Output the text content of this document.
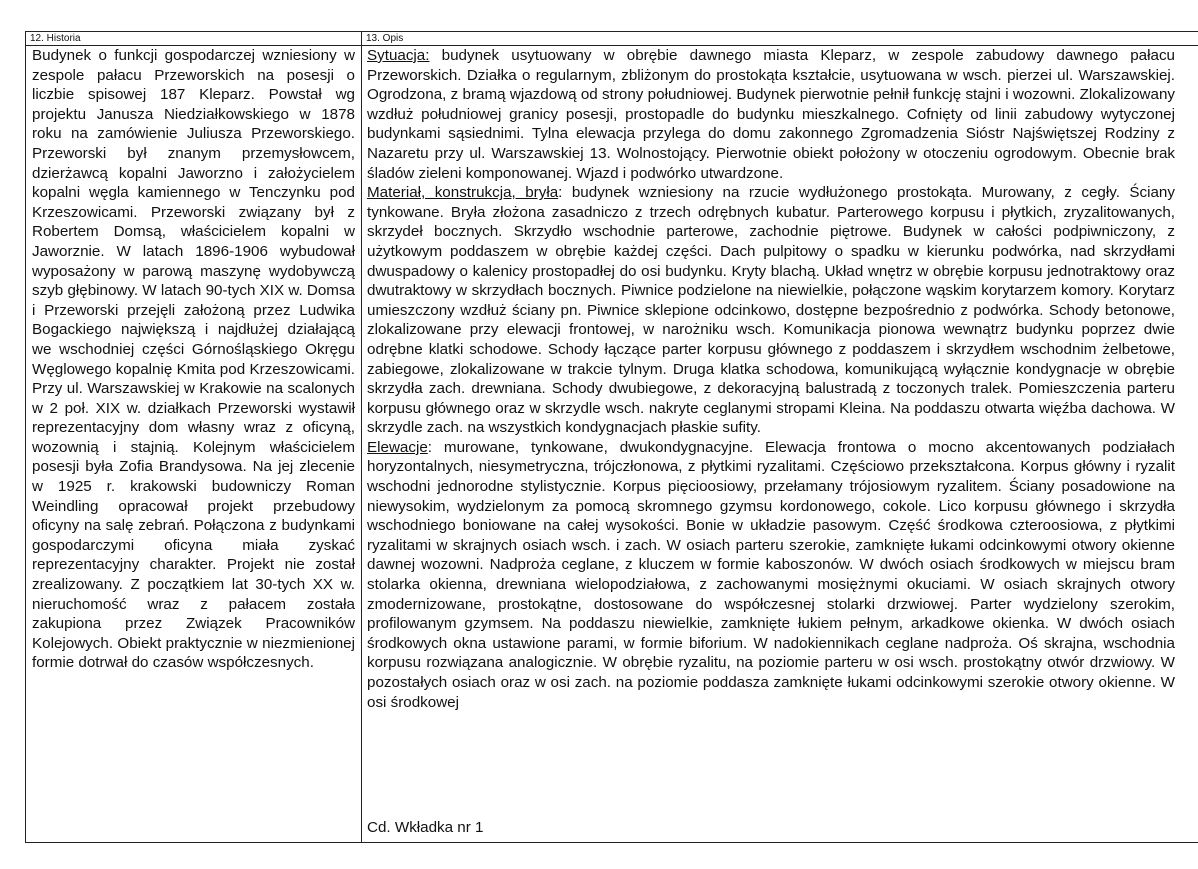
12. Historia	13. Opis

Budynek o funkcji gospodarczej wzniesiony w zespole pałacu Przeworskich na posesji o liczbie spisowej 187 Kleparz. Powstał wg projektu Janusza Niedziałkowskiego w 1878 roku na zamówienie Juliusza Przeworskiego. Przeworski był znanym przemysłowcem, dzierżawcą kopalni Jaworzno i założycielem kopalni węgla kamiennego w Tenczynku pod Krzeszowicami. Przeworski związany był z Robertem Domsą, właścicielem kopalni w Jaworznie. W latach 1896-1906 wybudował wyposażony w parową maszynę wydobywczą szyb głębinowy. W latach 90-tych XIX w. Domsa i Przeworski przejęli założoną przez Ludwika Bogackiego największą i najdłużej działającą we wschodniej części Górnośląskiego Okręgu Węglowego kopalnię Kmita pod Krzeszowicami. Przy ul. Warszawskiej w Krakowie na scalonych w 2 poł. XIX w. działkach Przeworski wystawił reprezentacyjny dom własny wraz z oficyną, wozownią i stajnią. Kolejnym właścicielem posesji była Zofia Brandysowa. Na jej zlecenie w 1925 r. krakowski budowniczy Roman Weindling opracował projekt przebudowy oficyny na salę zebrań. Połączona z budynkami gospodarczymi oficyna miała zyskać reprezentacyjny charakter. Projekt nie został zrealizowany. Z początkiem lat 30-tych XX w. nieruchomość wraz z pałacem została zakupiona przez Związek Pracowników Kolejowych. Obiekt praktycznie w niezmienionej formie dotrwał do czasów współczesnych.

Sytuacja: budynek usytuowany w obrębie dawnego miasta Kleparz, w zespole zabudowy dawnego pałacu Przeworskich. Działka o regularnym, zbliżonym do prostokąta kształcie, usytuowana w wsch. pierzei ul. Warszawskiej. Ogrodzona, z bramą wjazdową od strony południowej. Budynek pierwotnie pełnił funkcję stajni i wozowni. Zlokalizowany wzdłuż południowej granicy posesji, prostopadle do budynku mieszkalnego. Cofnięty od linii zabudowy wytyczonej budynkami sąsiednimi. Tylna elewacja przylega do domu zakonnego Zgromadzenia Sióstr Najświętszej Rodziny z Nazaretu przy ul. Warszawskiej 13. Wolnostojący. Pierwotnie obiekt położony w otoczeniu ogrodowym. Obecnie brak śladów zieleni komponowanej. Wjazd i podwórko utwardzone.

Materiał, konstrukcja, bryła: budynek wzniesiony na rzucie wydłużonego prostokąta. Murowany, z cegły. Ściany tynkowane. Bryła złożona zasadniczo z trzech odrębnych kubatur. Parterowego korpusu i płytkich, zryzalitowanych, skrzydeł bocznych. Skrzydło wschodnie parterowe, zachodnie piętrowe. Budynek w całości podpiwniczony, z użytkowym poddaszem w obrębie każdej części. Dach pulpitowy o spadku w kierunku podwórka, nad skrzydłami dwuspadowy o kalenicy prostopadłej do osi budynku. Kryty blachą. Układ wnętrz w obrębie korpusu jednotraktowy oraz dwutraktowy w skrzydłach bocznych. Piwnice podzielone na niewielkie, połączone wąskim korytarzem komory. Korytarz umieszczony wzdłuż ściany pn. Piwnice sklepione odcinkowo, dostępne bezpośrednio z podwórka. Schody betonowe, zlokalizowane przy elewacji frontowej, w narożniku wsch. Komunikacja pionowa wewnątrz budynku poprzez dwie odrębne klatki schodowe. Schody łączące parter korpusu głównego z poddaszem i skrzydłem wschodnim żelbetowe, zabiegowe, zlokalizowane w trakcie tylnym. Druga klatka schodowa, komunikującą wyłącznie kondygnacje w obrębie skrzydła zach. drewniana. Schody dwubiegowe, z dekoracyjną balustradą z toczonych tralek. Pomieszczenia parteru korpusu głównego oraz w skrzydle wsch. nakryte ceglanymi stropami Kleina. Na poddaszu otwarta więźba dachowa. W skrzydle zach. na wszystkich kondygnacjach płaskie sufity.

Elewacje: murowane, tynkowane, dwukondygnacyjne. Elewacja frontowa o mocno akcentowanych podziałach horyzontalnych, niesymetryczna, trójczłonowa, z płytkimi ryzalitami. Częściowo przekształcona. Korpus główny i ryzalit wschodni jednorodne stylistycznie. Korpus pięcioosiowy, przełamany trójosiowym ryzalitem. Ściany posadowione na niewysokim, wydzielonym za pomocą skromnego gzymsu kordonowego, cokole. Lico korpusu głównego i skrzydła wschodniego boniowane na całej wysokości. Bonie w układzie pasowym. Część środkowa czteroosiowa, z płytkimi ryzalitami w skrajnych osiach wsch. i zach. W osiach parteru szerokie, zamknięte łukami odcinkowymi otwory okienne dawnej wozowni. Nadproża ceglane, z kluczem w formie kaboszonów. W dwóch osiach środkowych w miejscu bram stolarka okienna, drewniana wielopodziałowa, z zachowanymi mosiężnymi okuciami. W osiach skrajnych otwory zmodernizowane, prostokątne, dostosowane do współczesnej stolarki drzwiowej. Parter wydzielony szerokim, profilowanym gzymsem. Na poddaszu niewielkie, zamknięte łukiem pełnym, arkadkowe okienka. W dwóch osiach środkowych okna ustawione parami, w formie biforium. W nadokiennikach ceglane nadproża. Oś skrajna, wschodnia korpusu rozwiązana analogicznie. W obrębie ryzalitu, na poziomie parteru w osi wsch. prostokątny otwór drzwiowy. W pozostałych osiach oraz w osi zach. na poziomie poddasza zamknięte łukami odcinkowymi szerokie otwory okienne. W osi środkowej

Cd. Wkładka nr 1
